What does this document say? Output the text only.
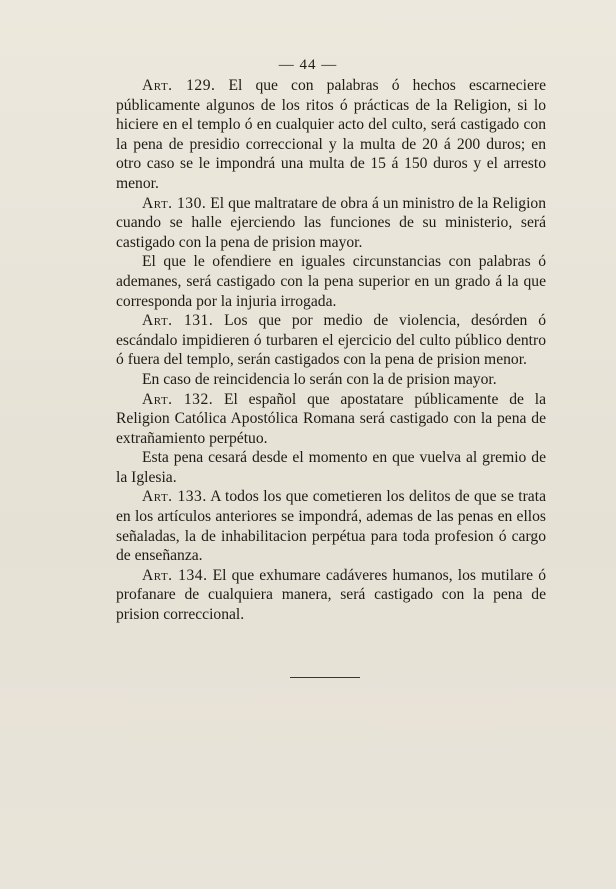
— 44 —

Art. 129. El que con palabras ó hechos escarneciere públicamente algunos de los ritos ó prácticas de la Religion, si lo hiciere en el templo ó en cualquier acto del culto, será castigado con la pena de presidio correccional y la multa de 20 á 200 duros; en otro caso se le impondrá una multa de 15 á 150 duros y el arresto menor.

Art. 130. El que maltratare de obra á un ministro de la Religion cuando se halle ejerciendo las funciones de su ministerio, será castigado con la pena de prision mayor.

El que le ofendiere en iguales circunstancias con palabras ó ademanes, será castigado con la pena superior en un grado á la que corresponda por la injuria irrogada.

Art. 131. Los que por medio de violencia, desórden ó escándalo impidieren ó turbaren el ejercicio del culto público dentro ó fuera del templo, serán castigados con la pena de prision menor.

En caso de reincidencia lo serán con la de prision mayor.

Art. 132. El español que apostatare públicamente de la Religion Católica Apostólica Romana será castigado con la pena de extrañamiento perpétuo.

Esta pena cesará desde el momento en que vuelva al gremio de la Iglesia.

Art. 133. A todos los que cometieren los delitos de que se trata en los artículos anteriores se impondrá, ademas de las penas en ellos señaladas, la de inhabilitacion perpétua para toda profesion ó cargo de enseñanza.

Art. 134. El que exhumare cadáveres humanos, los mutilare ó profanare de cualquiera manera, será castigado con la pena de prision correccional.
